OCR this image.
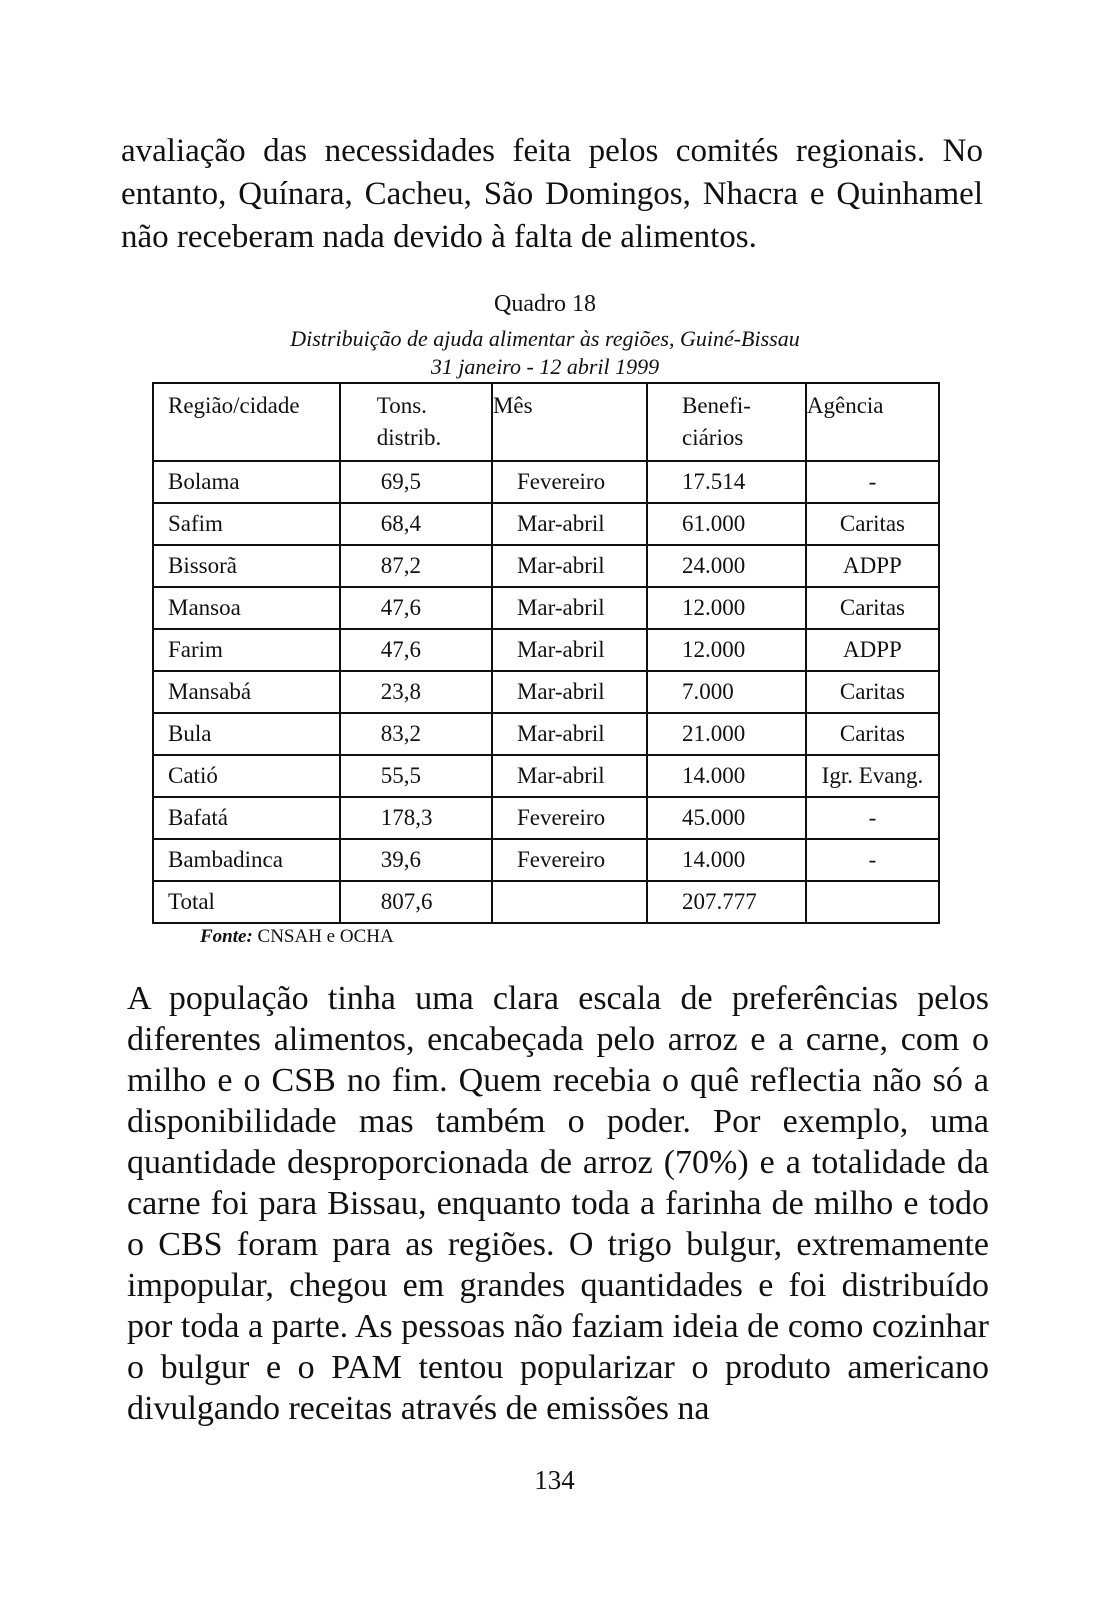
avaliação das necessidades feita pelos comités regionais. No entanto, Quínara, Cacheu, São Domingos, Nhacra e Quinhamel não receberam nada devido à falta de alimentos.

Quadro 18

Distribuição de ajuda alimentar às regiões, Guiné-Bissau

31 janeiro - 12 abril 1999

Região/cidade	Tons. distrib.	Mês	Benefi- ciários	Agência
Bolama	69,5	Fevereiro	17.514	-
Safim	68,4	Mar-abril	61.000	Caritas
Bissorã	87,2	Mar-abril	24.000	ADPP
Mansoa	47,6	Mar-abril	12.000	Caritas
Farim	47,6	Mar-abril	12.000	ADPP
Mansabá	23,8	Mar-abril	7.000	Caritas
Bula	83,2	Mar-abril	21.000	Caritas
Catió	55,5	Mar-abril	14.000	Igr. Evang.
Bafatá	178,3	Fevereiro	45.000	-
Bambadinca	39,6	Fevereiro	14.000	-
Total	807,6		207.777	

Fonte: CNSAH e OCHA

A população tinha uma clara escala de preferências pelos diferentes alimentos, encabeçada pelo arroz e a carne, com o milho e o CSB no fim. Quem recebia o quê reflectia não só a disponibilidade mas também o poder. Por exemplo, uma quantidade desproporcionada de arroz (70%) e a totalidade da carne foi para Bissau, enquanto toda a farinha de milho e todo o CBS foram para as regiões. O trigo bulgur, extremamente impopular, chegou em grandes quantidades e foi distribuído por toda a parte. As pessoas não faziam ideia de como cozinhar o bulgur e o PAM tentou popularizar o produto americano divulgando receitas através de emissões na

134
